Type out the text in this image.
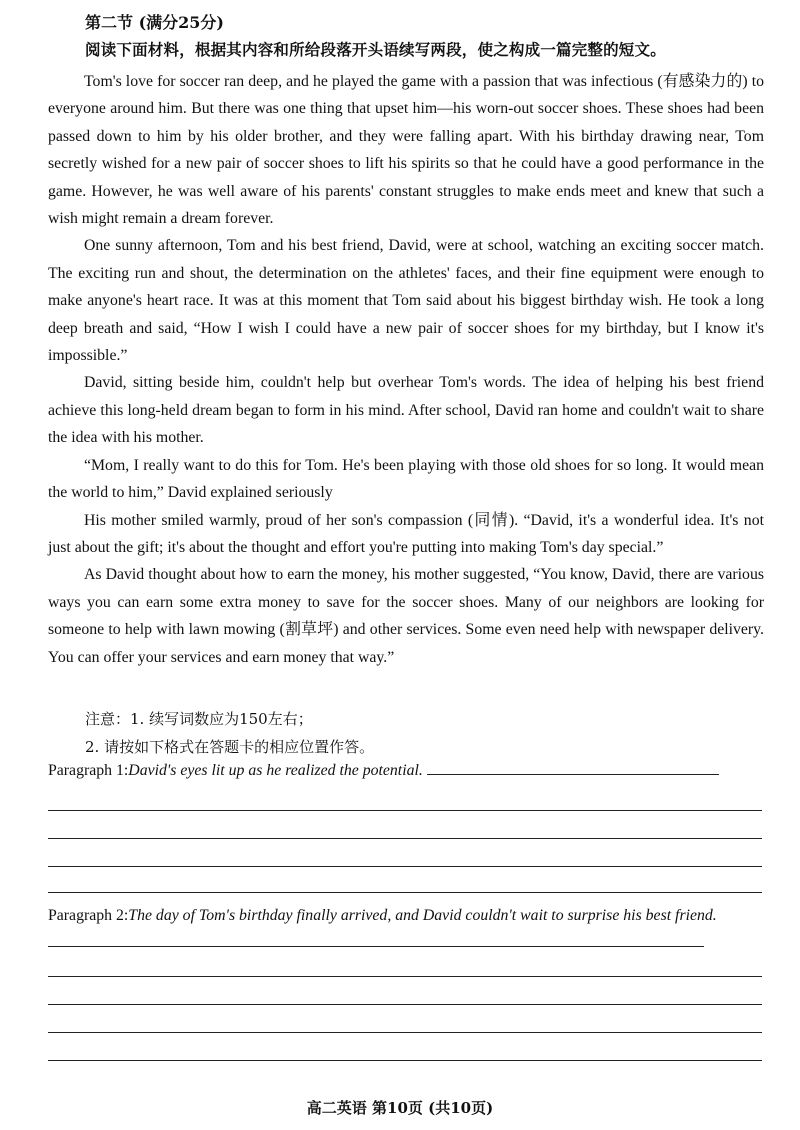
第二节 (满分25分)
阅读下面材料，根据其内容和所给段落开头语续写两段，使之构成一篇完整的短文。

Tom's love for soccer ran deep, and he played the game with a passion that was infectious (有感染力的) to everyone around him. But there was one thing that upset him—his worn-out soccer shoes. These shoes had been passed down to him by his older brother, and they were falling apart. With his birthday drawing near, Tom secretly wished for a new pair of soccer shoes to lift his spirits so that he could have a good performance in the game. However, he was well aware of his parents' constant struggles to make ends meet and knew that such a wish might remain a dream forever.

One sunny afternoon, Tom and his best friend, David, were at school, watching an exciting soccer match. The exciting run and shout, the determination on the athletes' faces, and their fine equipment were enough to make anyone's heart race. It was at this moment that Tom said about his biggest birthday wish. He took a long deep breath and said, “How I wish I could have a new pair of soccer shoes for my birthday, but I know it's impossible.”

David, sitting beside him, couldn't help but overhear Tom's words. The idea of helping his best friend achieve this long-held dream began to form in his mind. After school, David ran home and couldn't wait to share the idea with his mother.

“Mom, I really want to do this for Tom. He's been playing with those old shoes for so long. It would mean the world to him,” David explained seriously

His mother smiled warmly, proud of her son's compassion (同情). “David, it's a wonderful idea. It's not just about the gift; it's about the thought and effort you're putting into making Tom's day special.”

As David thought about how to earn the money, his mother suggested, “You know, David, there are various ways you can earn some extra money to save for the soccer shoes. Many of our neighbors are looking for someone to help with lawn mowing (割草坪) and other services. Some even need help with newspaper delivery. You can offer your services and earn money that way.”

注意：1. 续写词数应为150左右；
2. 请按如下格式在答题卡的相应位置作答。
Paragraph 1:David's eyes lit up as he realized the potential.
Paragraph 2:The day of Tom's birthday finally arrived, and David couldn't wait to surprise his best friend.
高二英语 第10页 (共10页)
